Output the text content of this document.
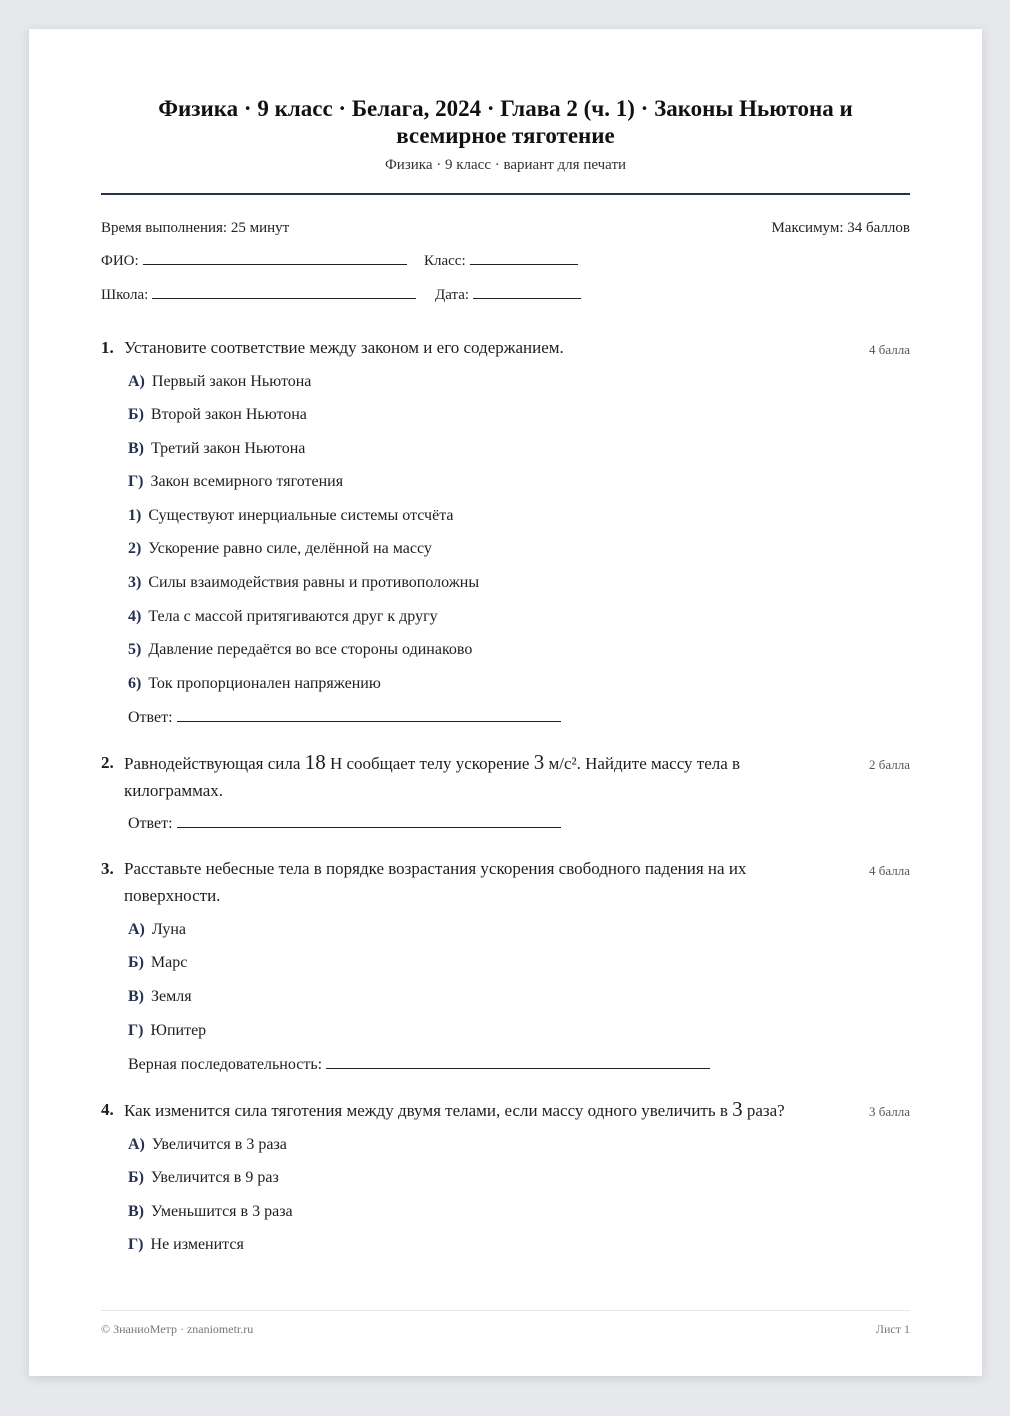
Физика · 9 класс · Белага, 2024 · Глава 2 (ч. 1) · Законы Ньютона и всемирное тяготение
Физика · 9 класс · вариант для печати
Время выполнения: 25 минут	Максимум: 34 баллов
ФИО:	Класс:
Школа:	Дата:
1. Установите соответствие между законом и его содержанием.	4 балла
А) Первый закон Ньютона
Б) Второй закон Ньютона
В) Третий закон Ньютона
Г) Закон всемирного тяготения
1) Существуют инерциальные системы отсчёта
2) Ускорение равно силе, делённой на массу
3) Силы взаимодействия равны и противоположны
4) Тела с массой притягиваются друг к другу
5) Давление передаётся во все стороны одинаково
6) Ток пропорционален напряжению
Ответ:
2. Равнодействующая сила 18 Н сообщает телу ускорение 3 м/с². Найдите массу тела в килограммах.
2 балла
Ответ:
3. Расставьте небесные тела в порядке возрастания ускорения свободного падения на их поверхности.
4 балла
А) Луна
Б) Марс
В) Земля
Г) Юпитер
Верная последовательность:
4. Как изменится сила тяготения между двумя телами, если массу одного увеличить в 3 раза?	3 балла
А) Увеличится в 3 раза
Б) Увеличится в 9 раз
В) Уменьшится в 3 раза
Г) Не изменится
© ЗнаниоМетр · znaniometr.ru	Лист 1
